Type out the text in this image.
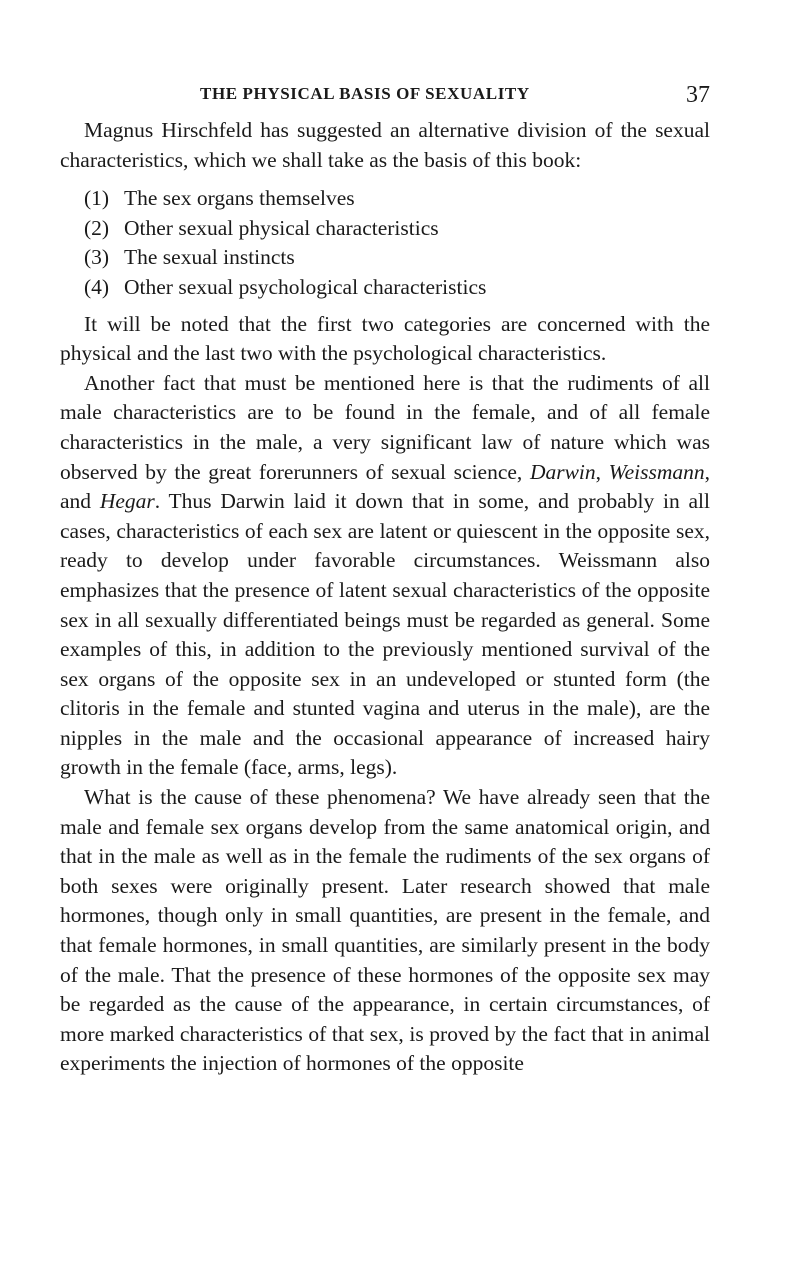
THE PHYSICAL BASIS OF SEXUALITY	37

Magnus Hirschfeld has suggested an alternative division of the sexual characteristics, which we shall take as the basis of this book:

(1) The sex organs themselves
(2) Other sexual physical characteristics
(3) The sexual instincts
(4) Other sexual psychological characteristics

It will be noted that the first two categories are concerned with the physical and the last two with the psychological characteristics.

Another fact that must be mentioned here is that the rudiments of all male characteristics are to be found in the female, and of all female characteristics in the male, a very significant law of nature which was observed by the great forerunners of sexual science, Darwin, Weissmann, and Hegar. Thus Darwin laid it down that in some, and probably in all cases, characteristics of each sex are latent or quiescent in the opposite sex, ready to develop under favorable circumstances. Weissmann also emphasizes that the presence of latent sexual characteristics of the opposite sex in all sexually differentiated beings must be regarded as general. Some examples of this, in addition to the previously mentioned survival of the sex organs of the opposite sex in an undeveloped or stunted form (the clitoris in the female and stunted vagina and uterus in the male), are the nipples in the male and the occasional appearance of increased hairy growth in the female (face, arms, legs).

What is the cause of these phenomena? We have already seen that the male and female sex organs develop from the same anatomical origin, and that in the male as well as in the female the rudiments of the sex organs of both sexes were originally present. Later research showed that male hormones, though only in small quantities, are present in the female, and that female hormones, in small quantities, are similarly present in the body of the male. That the presence of these hormones of the opposite sex may be regarded as the cause of the appearance, in certain circumstances, of more marked characteristics of that sex, is proved by the fact that in animal experiments the injection of hormones of the opposite
